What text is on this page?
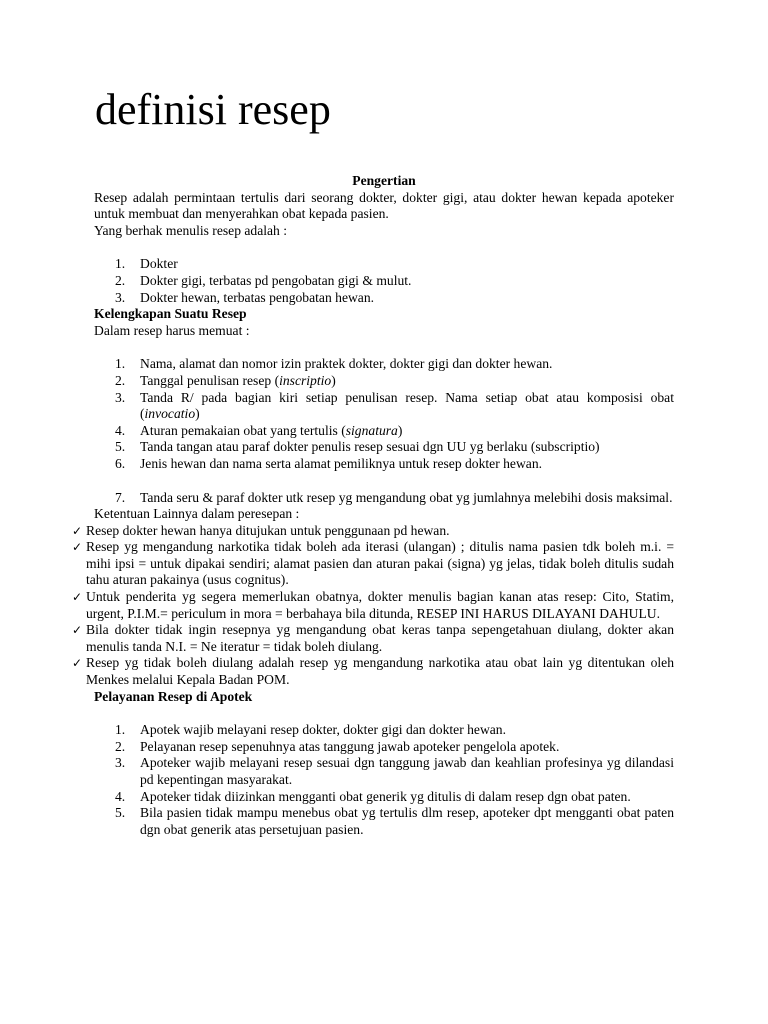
definisi resep
Pengertian
Resep adalah permintaan tertulis dari seorang dokter, dokter gigi, atau dokter hewan kepada apoteker untuk membuat dan menyerahkan obat kepada pasien.
Yang berhak menulis resep adalah :
1. Dokter
2. Dokter gigi, terbatas pd pengobatan gigi & mulut.
3. Dokter hewan, terbatas pengobatan hewan.
Kelengkapan Suatu Resep
Dalam resep harus memuat :
1. Nama, alamat dan nomor izin praktek dokter, dokter gigi dan dokter hewan.
2. Tanggal penulisan resep (inscriptio)
3. Tanda R/ pada bagian kiri setiap penulisan resep. Nama setiap obat atau komposisi obat (invocatio)
4. Aturan pemakaian obat yang tertulis (signatura)
5. Tanda tangan atau paraf dokter penulis resep sesuai dgn UU yg berlaku (subscriptio)
6. Jenis hewan dan nama serta alamat pemiliknya untuk resep dokter hewan.
7. Tanda seru & paraf dokter utk resep yg mengandung obat yg jumlahnya melebihi dosis maksimal.
Ketentuan Lainnya dalam peresepan :
✓ Resep dokter hewan hanya ditujukan untuk penggunaan pd hewan.
✓ Resep yg mengandung narkotika tidak boleh ada iterasi (ulangan) ; ditulis nama pasien tdk boleh m.i. = mihi ipsi = untuk dipakai sendiri; alamat pasien dan aturan pakai (signa) yg jelas, tidak boleh ditulis sudah tahu aturan pakainya (usus cognitus).
✓ Untuk penderita yg segera memerlukan obatnya, dokter menulis bagian kanan atas resep: Cito, Statim, urgent, P.I.M.= periculum in mora = berbahaya bila ditunda, RESEP INI HARUS DILAYANI DAHULU.
✓ Bila dokter tidak ingin resepnya yg mengandung obat keras tanpa sepengetahuan diulang, dokter akan menulis tanda N.I. = Ne iteratur = tidak boleh diulang.
✓ Resep yg tidak boleh diulang adalah resep yg mengandung narkotika atau obat lain yg ditentukan oleh Menkes melalui Kepala Badan POM.
Pelayanan Resep di Apotek
1. Apotek wajib melayani resep dokter, dokter gigi dan dokter hewan.
2. Pelayanan resep sepenuhnya atas tanggung jawab apoteker pengelola apotek.
3. Apoteker wajib melayani resep sesuai dgn tanggung jawab dan keahlian profesinya yg dilandasi pd kepentingan masyarakat.
4. Apoteker tidak diizinkan mengganti obat generik yg ditulis di dalam resep dgn obat paten.
5. Bila pasien tidak mampu menebus obat yg tertulis dlm resep, apoteker dpt mengganti obat paten dgn obat generik atas persetujuan pasien.
